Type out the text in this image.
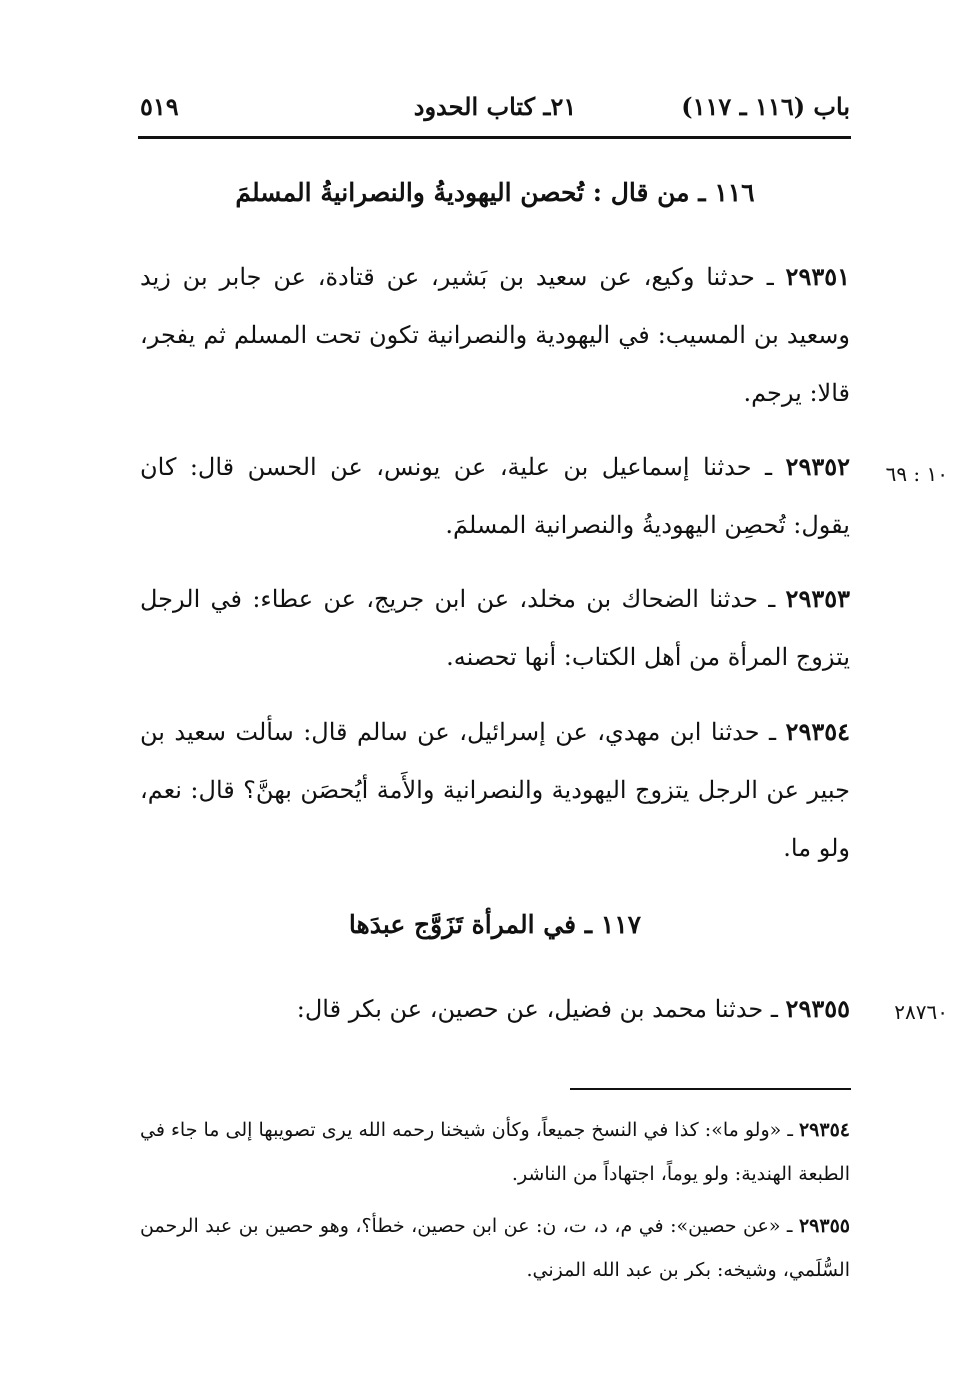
باب (١١٦ ـ ١١٧)
٢١ـ كتاب الحدود
٥١٩
١١٦ ـ من قال : تُحصن اليهوديةُ والنصرانيةُ المسلمَ
٢٩٣٥١ ـ حدثنا وكيع، عن سعيد بن بَشير، عن قتادة، عن جابر بن زيد وسعيد بن المسيب: في اليهودية والنصرانية تكون تحت المسلم ثم يفجر، قالا: يرجم.
١٠ : ٦٩
٢٩٣٥٢ ـ حدثنا إسماعيل بن علية، عن يونس، عن الحسن قال: كان يقول: تُحصِن اليهوديةُ والنصرانية المسلمَ.
٢٩٣٥٣ ـ حدثنا الضحاك بن مخلد، عن ابن جريج، عن عطاء: في الرجل يتزوج المرأة من أهل الكتاب: أنها تحصنه.
٢٩٣٥٤ ـ حدثنا ابن مهدي، عن إسرائيل، عن سالم قال: سألت سعيد بن جبير عن الرجل يتزوج اليهودية والنصرانية والأَمة أيُحصَن بهنَّ؟ قال: نعم، ولو ما.
١١٧ ـ في المرأة تَزَوَّج عبدَها
٢٨٧٦٠
٢٩٣٥٥ ـ حدثنا محمد بن فضيل، عن حصين، عن بكر قال:
٢٩٣٥٤ ـ «ولو ما»: كذا في النسخ جميعاً، وكأن شيخنا رحمه الله يرى تصويبها إلى ما جاء في الطبعة الهندية: ولو يوماً، اجتهاداً من الناشر.
٢٩٣٥٥ ـ «عن حصين»: في م، د، ت، ن: عن ابن حصين، خطأ؟، وهو حصين بن عبد الرحمن السُّلَمي، وشيخه: بكر بن عبد الله المزني.
